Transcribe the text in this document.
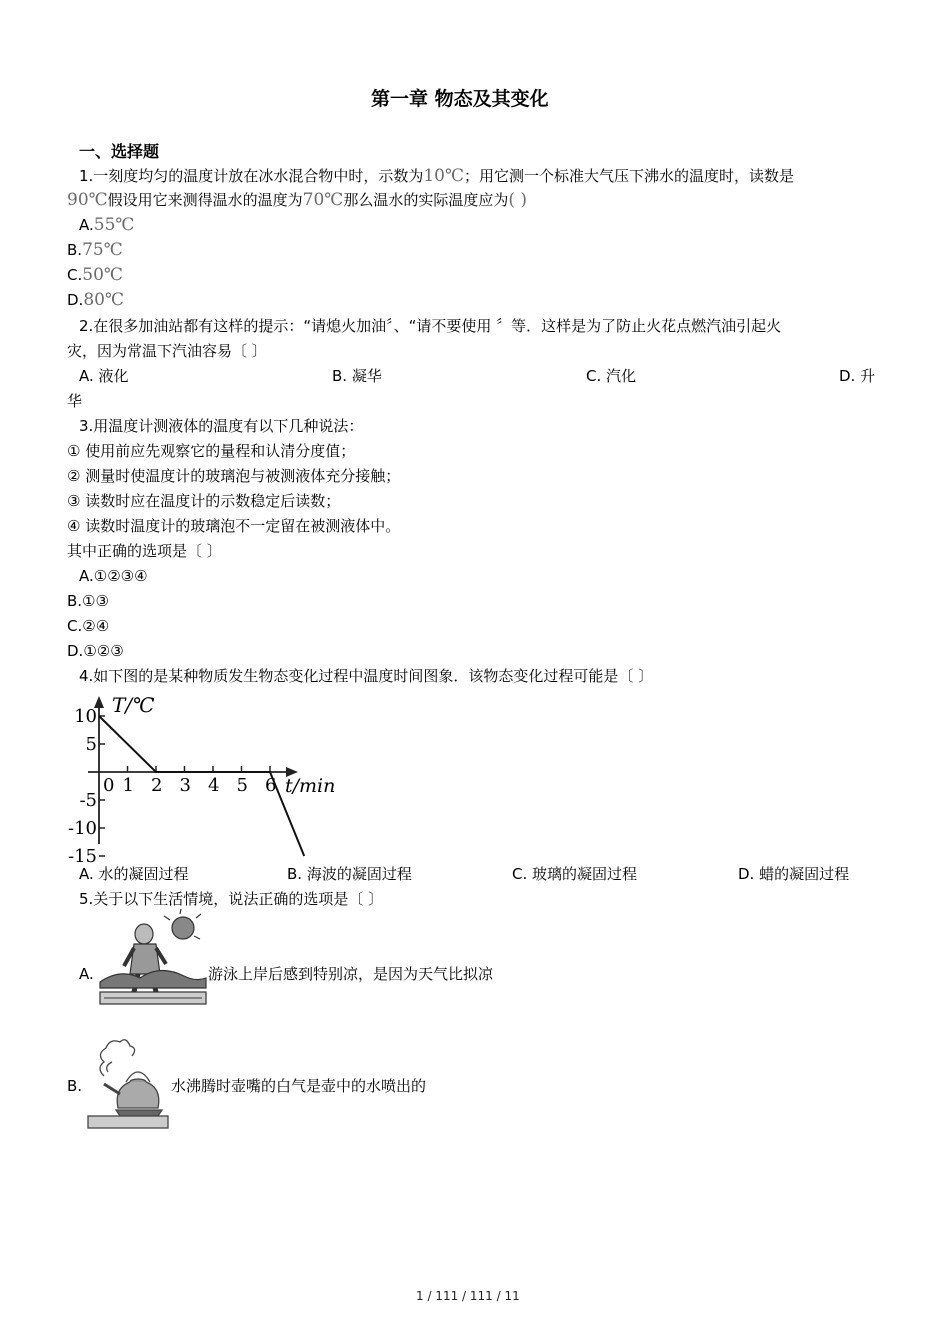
第一章 物态及其变化
一、选择题
1.一刻度均匀的温度计放在冰水混合物中时，示数为10℃；用它测一个标准大气压下沸水的温度时，读数是
90℃假设用它来测得温水的温度为70℃那么温水的实际温度应为( )
A.55℃
B.75℃
C.50℃
D.80℃
2.在很多加油站都有这样的提示：“请熄火加油〞、“请不要使用 〞等．这样是为了防止火花点燃汽油引起火
灾，因为常温下汽油容易〔 〕
A. 液化	B. 凝华	C. 汽化	D. 升
华
3.用温度计测液体的温度有以下几种说法：
① 使用前应先观察它的量程和认清分度值；
② 测量时使温度计的玻璃泡与被测液体充分接触；
③ 读数时应在温度计的示数稳定后读数；
④ 读数时温度计的玻璃泡不一定留在被测液体中。
其中正确的选项是〔 〕
A.①②③④
B.①③
C.②④
D.①②③
4.如下图的是某种物质发生物态变化过程中温度时间图象．该物态变化过程可能是〔 〕
T/℃
t/min
0 1 2 3 4 5 6
10
5
-5
-10
-15
A. 水的凝固过程	B. 海波的凝固过程	C. 玻璃的凝固过程	D. 蜡的凝固过程
5.关于以下生活情境，说法正确的选项是〔 〕
A.	游泳上岸后感到特别凉，是因为天气比拟凉
B.	水沸腾时壶嘴的白气是壶中的水喷出的
1 / 111 / 111 / 11
